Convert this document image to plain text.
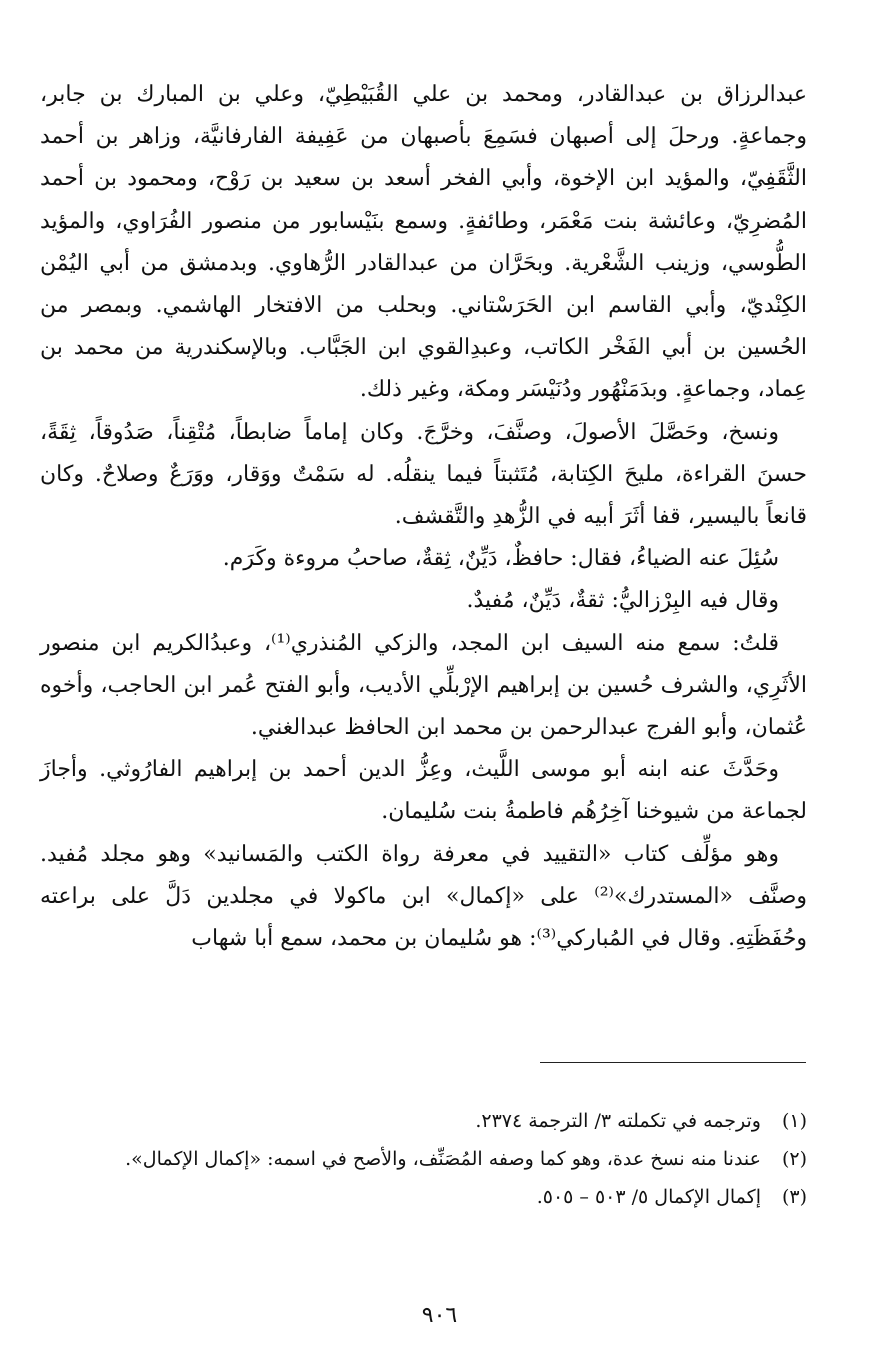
عبدالرزاق بن عبدالقادر، ومحمد بن علي القُبَيْطِيّ، وعلي بن المبارك بن جابر، وجماعةٍ. ورحلَ إلى أصبهان فسَمِعَ بأصبهان من عَفِيفة الفارفانيَّة، وزاهر بن أحمد الثَّقَفِيّ، والمؤيد ابن الإخوة، وأبي الفخر أسعد بن سعيد بن رَوْح، ومحمود بن أحمد المُضرِيّ، وعائشة بنت مَعْمَر، وطائفةٍ. وسمع بنَيْسابور من منصور الفُرَاوي، والمؤيد الطُّوسي، وزينب الشَّعْرية. وبحَرَّان من عبدالقادر الرُّهاوي. وبدمشق من أبي اليُمْن الكِنْديّ، وأبي القاسم ابن الحَرَسْتاني. وبحلب من الافتخار الهاشمي. وبمصر من الحُسين بن أبي الفَخْر الكاتب، وعبدِالقوي ابن الجَبَّاب. وبالإسكندرية من محمد بن عِماد، وجماعةٍ. وبدَمَنْهُور ودُنَيْسَر ومكة، وغير ذلك.

ونسخ، وحَصَّلَ الأصولَ، وصنَّفَ، وخرَّجَ. وكان إماماً ضابطاً، مُتْقِناً، صَدُوقاً، ثِقَةً، حسنَ القراءة، مليحَ الكِتابة، مُتَثبتاً فيما ينقلُه. له سَمْتٌ ووَقار، ووَرَعٌ وصلاحٌ. وكان قانعاً باليسير، قفا أثَرَ أبيه في الزُّهدِ والتَّقشف.

سُئِلَ عنه الضياءُ، فقال: حافظٌ، دَيِّنٌ، ثِقةٌ، صاحبُ مروءة وكَرَم.

وقال فيه البِرْزاليُّ: ثقةٌ، دَيِّنٌ، مُفيدٌ.

قلتُ: سمع منه السيف ابن المجد، والزكي المُنذري⁽¹⁾، وعبدُالكريم ابن منصور الأثَرِي، والشرف حُسين بن إبراهيم الإرْبلِّي الأديب، وأبو الفتح عُمر ابن الحاجب، وأخوه عُثمان، وأبو الفرج عبدالرحمن بن محمد ابن الحافظ عبدالغني.

وحَدَّثَ عنه ابنه أبو موسى اللَّيث، وعِزُّ الدين أحمد بن إبراهيم الفارُوثي. وأجازَ لجماعة من شيوخنا آخِرُهُم فاطمةُ بنت سُليمان.

وهو مؤلِّف كتاب «التقييد في معرفة رواة الكتب والمَسانيد» وهو مجلد مُفيد. وصنَّف «المستدرك»⁽²⁾ على «إكمال» ابن ماكولا في مجلدين دَلَّ على براعته وحُفَظَتِهِ. وقال في المُباركي⁽³⁾: هو سُليمان بن محمد، سمع أبا شهاب

(١)
وترجمه في تكملته ٣/ الترجمة ٢٣٧٤.
(٢)
عندنا منه نسخ عدة، وهو كما وصفه المُصَنِّف، والأصح في اسمه: «إكمال الإكمال».
(٣)
إكمال الإكمال ٥/ ٥٠٣ – ٥٠٥.
٩٠٦
